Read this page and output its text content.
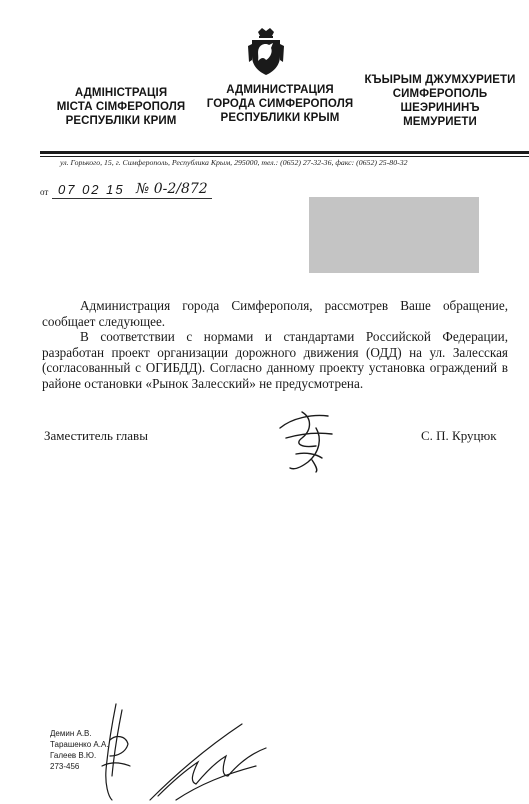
АДМІНІСТРАЦІЯ
МІСТА СІМФЕРОПОЛЯ
РЕСПУБЛІКИ КРИМ
АДМИНИСТРАЦИЯ
ГОРОДА СИМФЕРОПОЛЯ
РЕСПУБЛИКИ КРЫМ
КЪЫРЫМ ДЖУМХУРИЕТИ
СИМФЕРОПОЛЬ
ШЕЭРИНИНЪ
МЕМУРИЕТИ
ул. Горького, 15, г. Симферополь, Республика Крым, 295000, тел.: (0652) 27-32-36, факс: (0652) 25-80-32
от 07 02 15 № 0-2/872

Администрация города Симферополя, рассмотрев Ваше обращение, сообщает следующее.

В соответствии с нормами и стандартами Российской Федерации, разработан проект организации дорожного движения (ОДД) на ул. Залесская (согласованный с ОГИБДД). Согласно данному проекту установка ограждений в районе остановки «Рынок Залесский» не предусмотрена.

Заместитель главы	С. П. Круцюк
Демин А.В.
Тарашенко А.А.
Галеев В.Ю.
273-456
